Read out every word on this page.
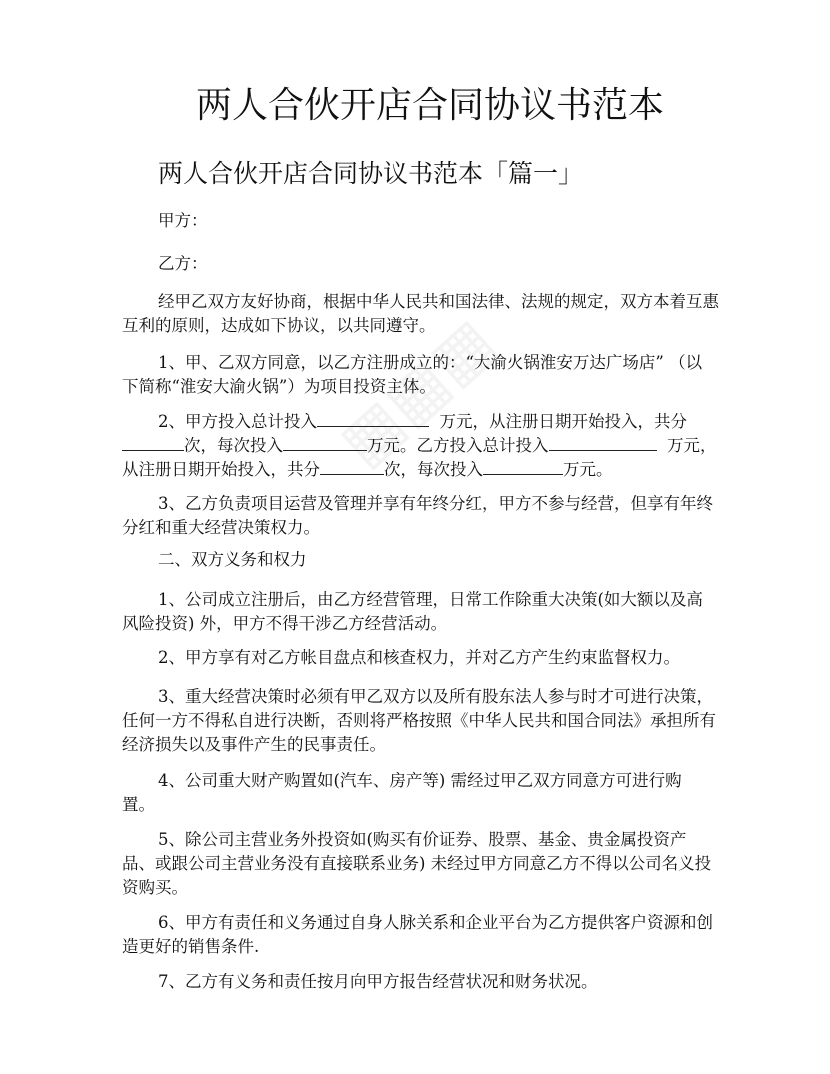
两人合伙开店合同协议书范本
两人合伙开店合同协议书范本「篇一」

甲方：

乙方：

经甲乙双方友好协商，根据中华人民共和国法律、法规的规定，双方本着互惠

互利的原则，达成如下协议，以共同遵守。

1、甲、乙双方同意，以乙方注册成立的：“大渝火锅淮安万达广场店” （以

下简称“淮安大渝火锅”）为项目投资主体。

2、甲方投入总计投入	万元，从注册日期开始投入，共分

次，每次投入	万元。乙方投入总计投入	万元，

从注册日期开始投入，共分	次，每次投入	万元。

3、乙方负责项目运营及管理并享有年终分红，甲方不参与经营，但享有年终

分红和重大经营决策权力。

二、双方义务和权力

1、公司成立注册后，由乙方经营管理，日常工作除重大决策(如大额以及高

风险投资) 外，甲方不得干涉乙方经营活动。

2、甲方享有对乙方帐目盘点和核查权力，并对乙方产生约束监督权力。

3、重大经营决策时必须有甲乙双方以及所有股东法人参与时才可进行决策，

任何一方不得私自进行决断，否则将严格按照《中华人民共和国合同法》承担所有

经济损失以及事件产生的民事责任。

4、公司重大财产购置如(汽车、房产等) 需经过甲乙双方同意方可进行购

置。

5、除公司主营业务外投资如(购买有价证券、股票、基金、贵金属投资产

品、或跟公司主营业务没有直接联系业务) 未经过甲方同意乙方不得以公司名义投

资购买。

6、甲方有责任和义务通过自身人脉关系和企业平台为乙方提供客户资源和创

造更好的销售条件.

7、乙方有义务和责任按月向甲方报告经营状况和财务状况。
